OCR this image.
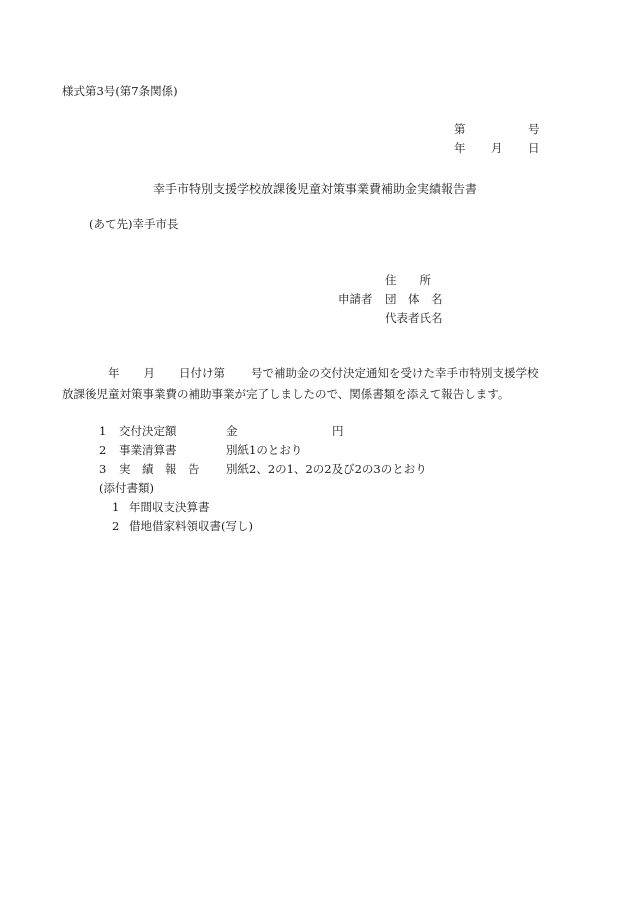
様式第3号(第7条関係)
第	号
年 月 日
幸手市特別支援学校放課後児童対策事業費補助金実績報告書
(あて先)幸手市長
住　　所
申請者 団　体　名
代表者氏名
年 月 日付け第 号で補助金の交付決定通知を受けた幸手市特別支援学校放課後児童対策事業費の補助事業が完了しましたので、関係書類を添えて報告します。
1 交付決定額	金	円
2 事業清算書	別紙1のとおり
3 実　績　報　告 別紙2、2の1、2の2及び2の3のとおり
(添付書類)
1 年間収支決算書
2 借地借家料領収書(写し)
